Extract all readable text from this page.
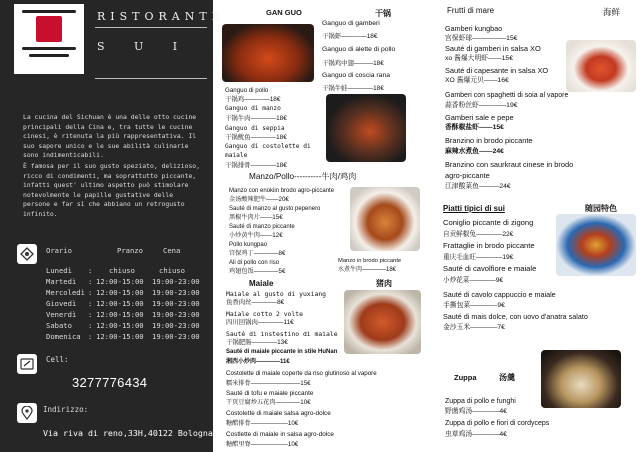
RISTORANTE
S U I
La cucina del Sichuan è una delle otto cucine principali della Cina e, tra tutte le cucine cinesi, è ritenuta la più rappresentativa. Il suo sapore unico e le sue abilità culinarie sono indimenticabili.
È famosa per il suo gusto speziato, delizioso, ricco di condimenti, ma soprattutto piccante, infatti quest' ultimo aspetto può stimolare notevolmente le papille gustative delle persone e far sì che abbiano un retrogusto infinito.
Orario	Pranzo	Cena
Lunedì : chiuso	chiuso
Martedì : 12:00-15:00 19:00-23:00
Mercoledì : 12:00-15:00 19:00-23:00
Giovedì : 12:00-15:00 19:00-23:00
Venerdì : 12:00-15:00 19:00-23:00
Sabato : 12:00-15:00 19:00-23:00
Domenica : 12:00-15:00 19:00-23:00
Cell:
3277776434
Indirizzo:
Via riva di reno,33H,40122 Bologna
GAN GUO	干锅
Ganguo di gamberi
干锅虾————18€
Ganguo di alette di pollo
干锅鸡中翅———18€
Ganguo di coscia rana
干锅牛蛙————18€
Ganguo di pollo
干锅鸡————18€
Ganguo di manzo
干锅牛肉————18€
Ganguo di seppia
干锅鱿鱼————18€
Ganguo di costolette di
maiale
干锅排骨————18€
Manzo/Pollo----------牛肉/鸡肉
Manzo con enokiin brodo agro-piccante
金汤酸辣肥牛——20€
Sauté di manzo al gusto pepenero
黑椒牛肉片——15€
Sauté di manzo piccante
小炒黄牛肉——12€
Pollo kungpao
宫保鸡丁————8€
Ali di pollo con riso
鸡翅包饭————5€
Manzo in brodo piccante
水煮牛肉————18€
Maiale	猪肉
Maiale al gusto di yuxiang
鱼香肉丝————8€
Maiale cotto 2 volte
四川回锅肉————11€
Sauté di instestino di maiale
干锅肥肠————13€
Sauté di maiale piccante in stile HuNan
湘西小炒肉————11€
Costolette di maiale coperte da riso glutinoso al vapore
糯米排骨————————15€
Sauté di tofu e maiale piccante
干页豆腐炒五花肉————10€
Costolette di maiale salsa agro-dolce
糖醋排骨——————10€
Costlette di maiale in salsa agro-dolce
糖醋里脊——————10€
Frutti di mare	海鲜
Piatti tipici di sui	随园特色
Zuppa	汤羹
Gamberi kungbao
宫保虾球—————15€
Sauté di gamberi in salsa XO
xo 酱爆大明虾——15€
Sauté di capesante in salsa XO
XO 酱爆元贝——16€
Gamberi con spaghetti di soia al vapore
蒜香粉丝虾————19€
Gamberi sale e pepe
香酥椒盐虾——15€
Branzino in brodo piccante
麻辣水煮鱼——24€
Branzino con saurkraut cinese in brodo
agro-piccante
江津酸菜鱼———24€
Coniglio piccante di zigong
自贡鲜椒兔————22€
Frattaglie in brodo piccante
重庆毛血旺————19€
Sauté di cavolfiore e maiale
小炒花菜————9€
Sauté di cavolo cappuccio e maiale
手撕包菜————9€
Sauté di mais dolce, con uovo d'anatra salato
金沙玉米————7€
Zuppa di pollo e funghi
野菌鸡汤————4€
Zuppa di pollo e fiori di cordyceps
虫草鸡汤————4€
